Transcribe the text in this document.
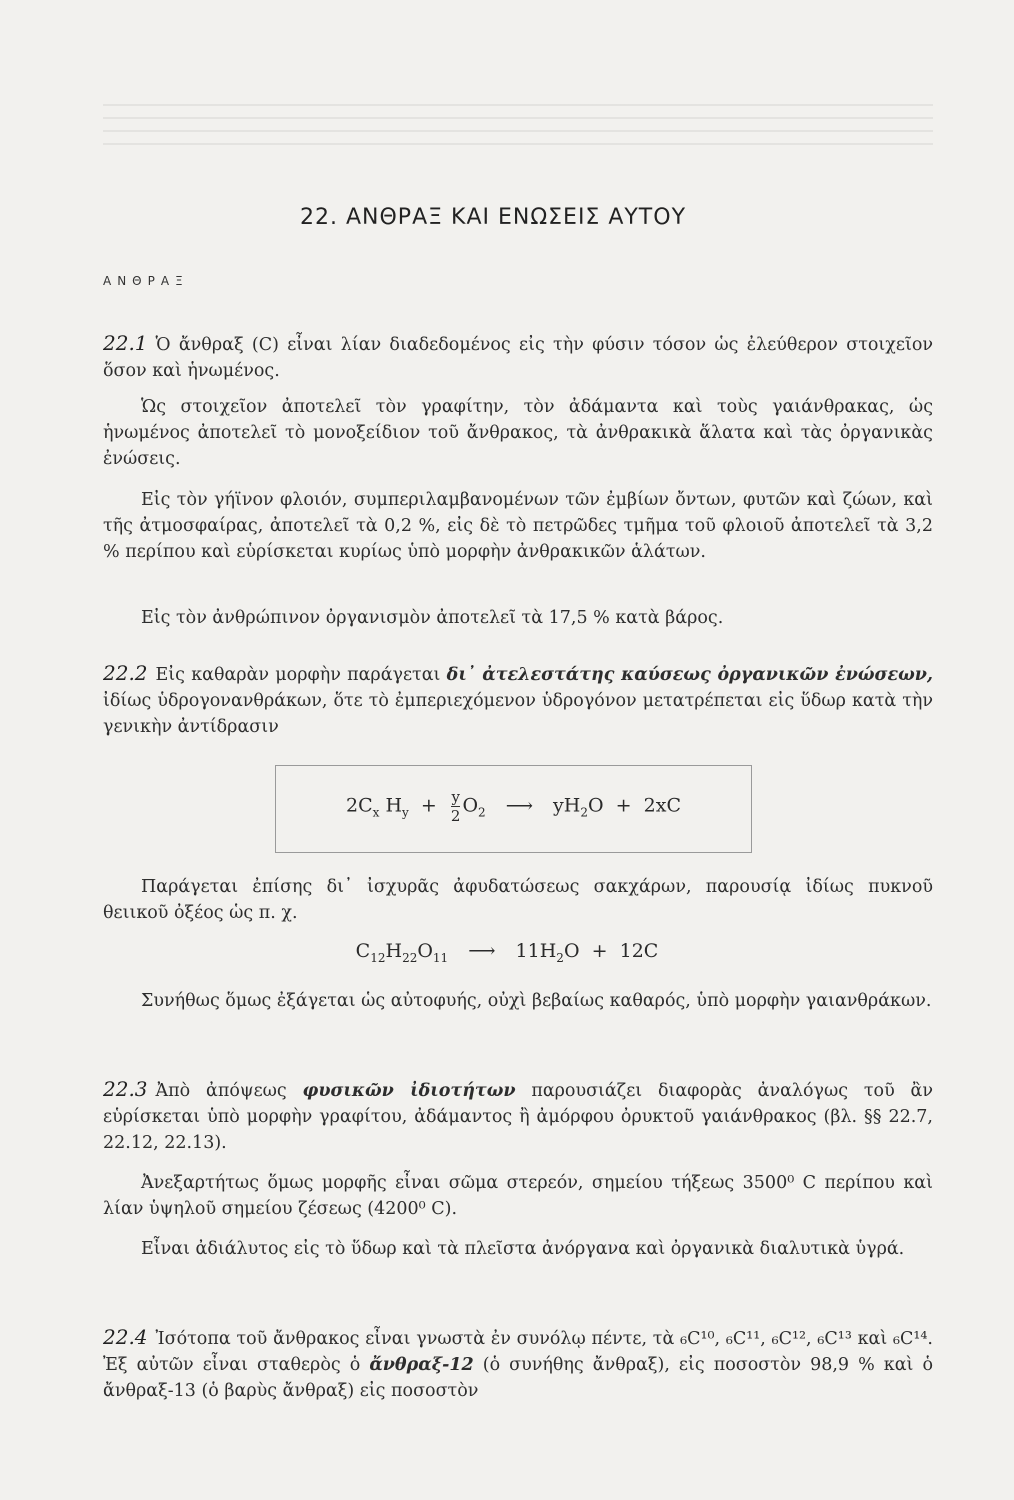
22. ΑΝΘΡΑΞ ΚΑΙ ΕΝΩΣΕΙΣ ΑΥΤΟΥ
ΑΝΘΡΑΞ
22.1 Ὁ ἄνθραξ (C) εἶναι λίαν διαδεδομένος εἰς τὴν φύσιν τόσον ὡς ἐλεύθερον στοιχεῖον ὅσον καὶ ἡνωμένος.
Ὡς στοιχεῖον ἀποτελεῖ τὸν γραφίτην, τὸν ἀδάμαντα καὶ τοὺς γαιάνθρακας, ὡς ἡνωμένος ἀποτελεῖ τὸ μονοξείδιον τοῦ ἄνθρακος, τὰ ἀνθρακικὰ ἅλατα καὶ τὰς ὀργανικὰς ἐνώσεις.
Εἰς τὸν γήϊνον φλοιόν, συμπεριλαμβανομένων τῶν ἐμβίων ὄντων, φυτῶν καὶ ζώων, καὶ τῆς ἀτμοσφαίρας, ἀποτελεῖ τὰ 0,2 %, εἰς δὲ τὸ πετρῶδες τμῆμα τοῦ φλοιοῦ ἀποτελεῖ τὰ 3,2 % περίπου καὶ εὑρίσκεται κυρίως ὑπὸ μορφὴν ἀνθρακικῶν ἁλάτων.
Εἰς τὸν ἀνθρώπινον ὀργανισμὸν ἀποτελεῖ τὰ 17,5 % κατὰ βάρος.
22.2 Εἰς καθαρὰν μορφὴν παράγεται δι᾽ ἀτελεστάτης καύσεως ὀργανικῶν ἐνώσεων, ἰδίως ὑδρογονανθράκων, ὅτε τὸ ἐμπεριεχόμενον ὑδρογόνον μετατρέπεται εἰς ὕδωρ κατὰ τὴν γενικὴν ἀντίδρασιν
$2C_x$ $H_y + \frac{y}{2} O_2$ ⟶ $yH_2O + 2xC$
Παράγεται ἐπίσης δι᾽ ἰσχυρᾶς ἀφυδατώσεως σακχάρων, παρουσίᾳ ἰδίως πυκνοῦ θειικοῦ ὀξέος ὡς π. χ.
$C_{12}H_{22}O_{11}$ ⟶ $11H_2O + 12C$
Συνήθως ὅμως ἐξάγεται ὡς αὐτοφυής, οὐχὶ βεβαίως καθαρός, ὑπὸ μορφὴν γαιανθράκων.
22.3 Ἀπὸ ἀπόψεως φυσικῶν ἰδιοτήτων παρουσιάζει διαφορὰς ἀναλόγως τοῦ ἂν εὑρίσκεται ὑπὸ μορφὴν γραφίτου, ἀδάμαντος ἢ ἀμόρφου ὀρυκτοῦ γαιάνθρακος (βλ. §§ 22.7, 22.12, 22.13).
Ἀνεξαρτήτως ὅμως μορφῆς εἶναι σῶμα στερεόν, σημείου τήξεως 3500⁰ C περίπου καὶ λίαν ὑψηλοῦ σημείου ζέσεως (4200⁰ C).
Εἶναι ἀδιάλυτος εἰς τὸ ὕδωρ καὶ τὰ πλεῖστα ἀνόργανα καὶ ὀργανικὰ διαλυτικὰ ὑγρά.
22.4 Ἰσότοπα τοῦ ἄνθρακος εἶναι γνωστὰ ἐν συνόλῳ πέντε, τὰ ₆C¹⁰, ₆C¹¹, ₆C¹², ₆C¹³ καὶ ₆C¹⁴. Ἐξ αὐτῶν εἶναι σταθερὸς ὁ ἄνθραξ-12 (ὁ συνήθης ἄνθραξ), εἰς ποσοστὸν 98,9 % καὶ ὁ ἄνθραξ-13 (ὁ βαρὺς ἄνθραξ) εἰς ποσοστὸν
